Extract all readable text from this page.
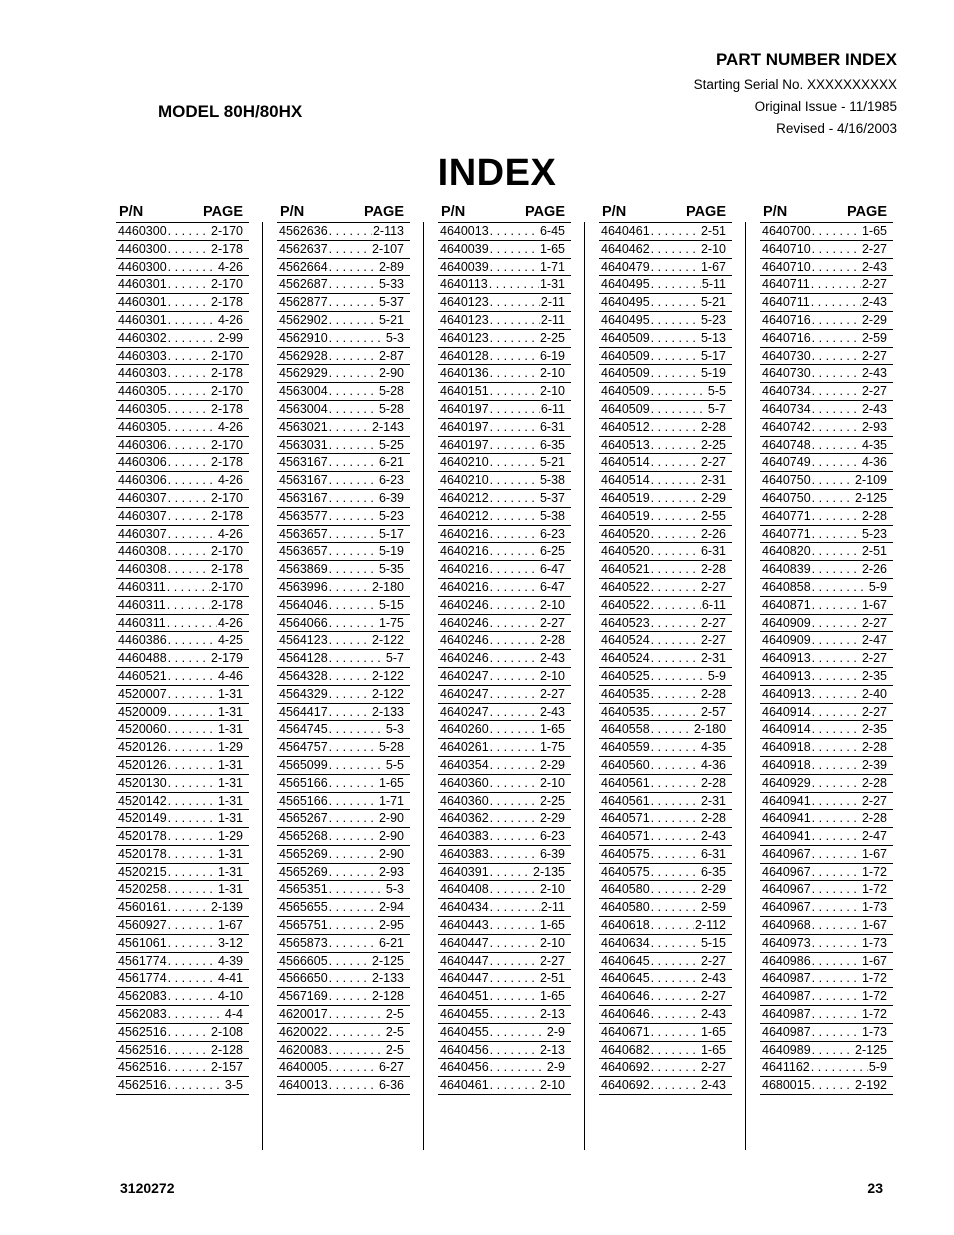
PART NUMBER INDEX
Starting Serial No. XXXXXXXXXX
Original Issue - 11/1985
Revised - 4/16/2003
MODEL 80H/80HX
INDEX
P/N	PAGE
4460300 . . .	2-170
4460300 . . .	2-178
4460300 . . .	4-26
4460301 . . .	2-170
4460301 . . .	2-178
4460301 . . .	4-26
4460302 . . .	2-99
4460303 . . .	2-170
4460303 . . .	2-178
4460305 . . .	2-170
4460305 . . .	2-178
4460305 . . .	4-26
4460306 . . .	2-170
4460306 . . .	2-178
4460306 . . .	4-26
4460307 . . .	2-170
4460307 . . .	2-178
4460307 . . .	4-26
4460308 . . .	2-170
4460308 . . .	2-178
4460311 . . .	2-170
4460311 . . .	2-178
4460311 . . .	4-26
4460386 . . .	4-25
4460488 . . .	2-179
4460521 . . .	4-46
4520007 . . .	1-31
4520009 . . .	1-31
4520060 . . .	1-31
4520126 . . .	1-29
4520126 . . .	1-31
4520130 . . .	1-31
4520142 . . .	1-31
4520149 . . .	1-31
4520178 . . .	1-29
4520178 . . .	1-31
4520215 . . .	1-31
4520258 . . .	1-31
4560161 . . .	2-139
4560927 . . .	1-67
4561061 . . .	3-12
4561774 . . .	4-39
4561774 . . .	4-41
4562083 . . .	4-10
4562083 . . .	4-4
4562516 . . .	2-108
4562516 . . .	2-128
4562516 . . .	2-157
4562516 . . .	3-5
P/N	PAGE
4562636 . . .	2-113
4562637 . . .	2-107
4562664 . . .	2-89
4562687 . . .	5-33
4562877 . . .	5-37
4562902 . . .	5-21
4562910 . . .	5-3
4562928 . . .	2-87
4562929 . . .	2-90
4563004 . . .	5-28
4563004 . . .	5-28
4563021 . . .	2-143
4563031 . . .	5-25
4563167 . . .	6-21
4563167 . . .	6-23
4563167 . . .	6-39
4563577 . . .	5-23
4563657 . . .	5-17
4563657 . . .	5-19
4563869 . . .	5-35
4563996 . . .	2-180
4564046 . . .	5-15
4564066 . . .	1-75
4564123 . . .	2-122
4564128 . . .	5-7
4564328 . . .	2-122
4564329 . . .	2-122
4564417 . . .	2-133
4564745 . . .	5-3
4564757 . . .	5-28
4565099 . . .	5-5
4565166 . . .	1-65
4565166 . . .	1-71
4565267 . . .	2-90
4565268 . . .	2-90
4565269 . . .	2-90
4565269 . . .	2-93
4565351 . . .	5-3
4565655 . . .	2-94
4565751 . . .	2-95
4565873 . . .	6-21
4566605 . . .	2-125
4566650 . . .	2-133
4567169 . . .	2-128
4620017 . . .	2-5
4620022 . . .	2-5
4620083 . . .	2-5
4640005 . . .	6-27
4640013 . . .	6-36
P/N	PAGE
4640013 . . .	6-45
4640039 . . .	1-65
4640039 . . .	1-71
4640113 . . .	1-31
4640123 . . .	2-11
4640123 . . .	2-11
4640123 . . .	2-25
4640128 . . .	6-19
4640136 . . .	2-10
4640151 . . .	2-10
4640197 . . .	6-11
4640197 . . .	6-31
4640197 . . .	6-35
4640210 . . .	5-21
4640210 . . .	5-38
4640212 . . .	5-37
4640212 . . .	5-38
4640216 . . .	6-23
4640216 . . .	6-25
4640216 . . .	6-47
4640216 . . .	6-47
4640246 . . .	2-10
4640246 . . .	2-27
4640246 . . .	2-28
4640246 . . .	2-43
4640247 . . .	2-10
4640247 . . .	2-27
4640247 . . .	2-43
4640260 . . .	1-65
4640261 . . .	1-75
4640354 . . .	2-29
4640360 . . .	2-10
4640360 . . .	2-25
4640362 . . .	2-29
4640383 . . .	6-23
4640383 . . .	6-39
4640391 . . .	2-135
4640408 . . .	2-10
4640434 . . .	2-11
4640443 . . .	1-65
4640447 . . .	2-10
4640447 . . .	2-27
4640447 . . .	2-51
4640451 . . .	1-65
4640455 . . .	2-13
4640455 . . .	2-9
4640456 . . .	2-13
4640456 . . .	2-9
4640461 . . .	2-10
P/N	PAGE
4640461 . . .	2-51
4640462 . . .	2-10
4640479 . . .	1-67
4640495 . . .	5-11
4640495 . . .	5-21
4640495 . . .	5-23
4640509 . . .	5-13
4640509 . . .	5-17
4640509 . . .	5-19
4640509 . . .	5-5
4640509 . . .	5-7
4640512 . . .	2-28
4640513 . . .	2-25
4640514 . . .	2-27
4640514 . . .	2-31
4640519 . . .	2-29
4640519 . . .	2-55
4640520 . . .	2-26
4640520 . . .	6-31
4640521 . . .	2-28
4640522 . . .	2-27
4640522 . . .	6-11
4640523 . . .	2-27
4640524 . . .	2-27
4640524 . . .	2-31
4640525 . . .	5-9
4640535 . . .	2-28
4640535 . . .	2-57
4640558 . . .	2-180
4640559 . . .	4-35
4640560 . . .	4-36
4640561 . . .	2-28
4640561 . . .	2-31
4640571 . . .	2-28
4640571 . . .	2-43
4640575 . . .	6-31
4640575 . . .	6-35
4640580 . . .	2-29
4640580 . . .	2-59
4640618 . . .	2-112
4640634 . . .	5-15
4640645 . . .	2-27
4640645 . . .	2-43
4640646 . . .	2-27
4640646 . . .	2-43
4640671 . . .	1-65
4640682 . . .	1-65
4640692 . . .	2-27
4640692 . . .	2-43
P/N	PAGE
4640700 . . .	1-65
4640710 . . .	2-27
4640710 . . .	2-43
4640711 . . .	2-27
4640711 . . .	2-43
4640716 . . .	2-29
4640716 . . .	2-59
4640730 . . .	2-27
4640730 . . .	2-43
4640734 . . .	2-27
4640734 . . .	2-43
4640742 . . .	2-93
4640748 . . .	4-35
4640749 . . .	4-36
4640750 . . .	2-109
4640750 . . .	2-125
4640771 . . .	2-28
4640771 . . .	5-23
4640820 . . .	2-51
4640839 . . .	2-26
4640858 . . .	5-9
4640871 . . .	1-67
4640909 . . .	2-27
4640909 . . .	2-47
4640913 . . .	2-27
4640913 . . .	2-35
4640913 . . .	2-40
4640914 . . .	2-27
4640914 . . .	2-35
4640918 . . .	2-28
4640918 . . .	2-39
4640929 . . .	2-28
4640941 . . .	2-27
4640941 . . .	2-28
4640941 . . .	2-47
4640967 . . .	1-67
4640967 . . .	1-72
4640967 . . .	1-72
4640967 . . .	1-73
4640968 . . .	1-67
4640973 . . .	1-73
4640986 . . .	1-67
4640987 . . .	1-72
4640987 . . .	1-72
4640987 . . .	1-72
4640987 . . .	1-73
4640989 . . .	2-125
4641162 . . .	5-9
4680015 . . .	2-192
3120272	23
